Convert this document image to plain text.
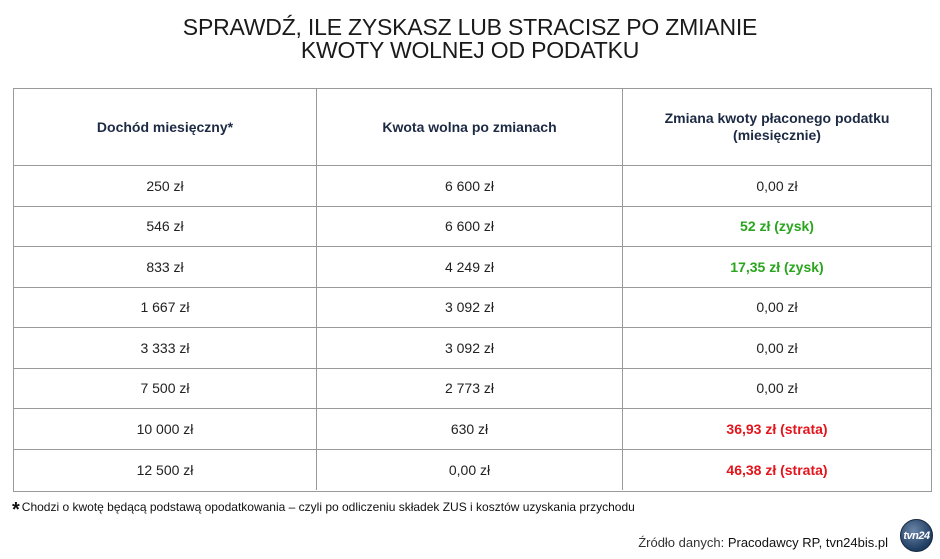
SPRAWDŹ, ILE ZYSKASZ LUB STRACISZ PO ZMIANIE
KWOTY WOLNEJ OD PODATKU
Dochód miesięczny*	Kwota wolna po zmianach
Zmiana kwoty płaconego podatku
(miesięcznie)
250 zł	6 600 zł	0,00 zł
546 zł	6 600 zł	52 zł (zysk)
833 zł	4 249 zł	17,35 zł (zysk)
1 667 zł	3 092 zł	0,00 zł
3 333 zł	3 092 zł	0,00 zł
7 500 zł	2 773 zł	0,00 zł
10 000 zł	630 zł	36,93 zł (strata)
12 500 zł	0,00 zł	46,38 zł (strata)
* Chodzi o kwotę będącą podstawą opodatkowania – czyli po odliczeniu składek ZUS i kosztów uzyskania przychodu
Źródło danych: Pracodawcy RP, tvn24bis.pl tvn24
